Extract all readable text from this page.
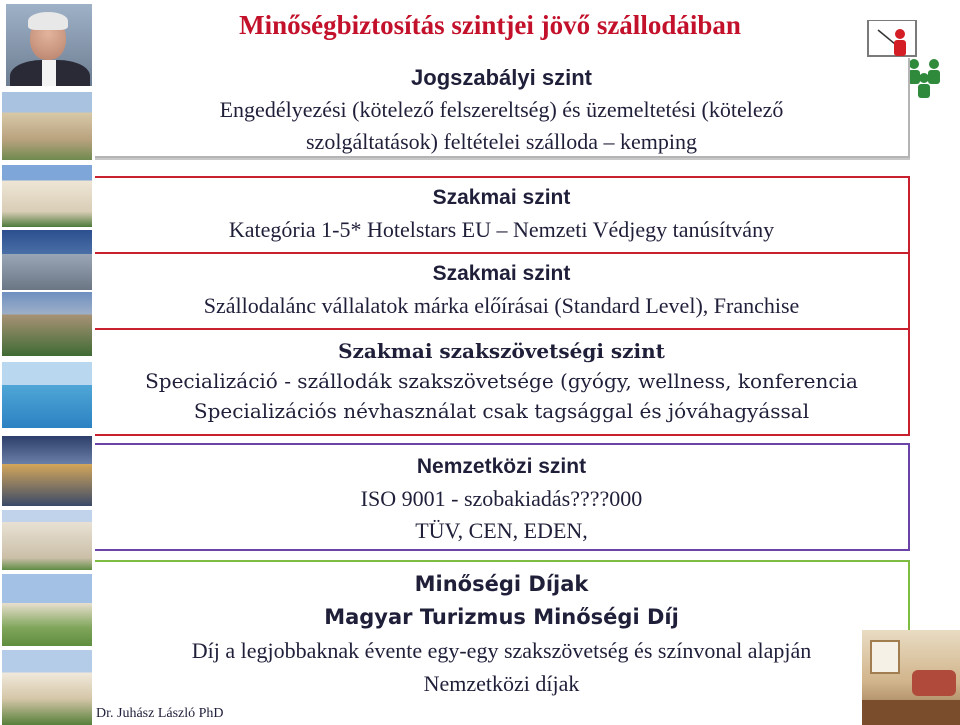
Minőségbiztosítás szintjei jövő szállodáiban
Jogszabályi szint
Engedélyezési (kötelező felszereltség) és üzemeltetési (kötelező
szolgáltatások) feltételei szálloda – kemping
Szakmai szint
Kategória 1-5* Hotelstars EU – Nemzeti Védjegy tanúsítvány
Szakmai szint
Szállodalánc vállalatok márka előírásai (Standard Level), Franchise
Szakmai szakszövetségi szint
Specializáció - szállodák szakszövetsége (gyógy, wellness, konferencia
Specializációs névhasználat csak tagsággal és jóváhagyással
Nemzetközi szint
ISO 9001 - szobakiadás????000
TÜV, CEN, EDEN,
Minőségi Díjak
Magyar Turizmus Minőségi Díj
Díj a legjobbaknak évente egy-egy szakszövetség és színvonal alapján
Nemzetközi díjak
Dr. Juhász László PhD
